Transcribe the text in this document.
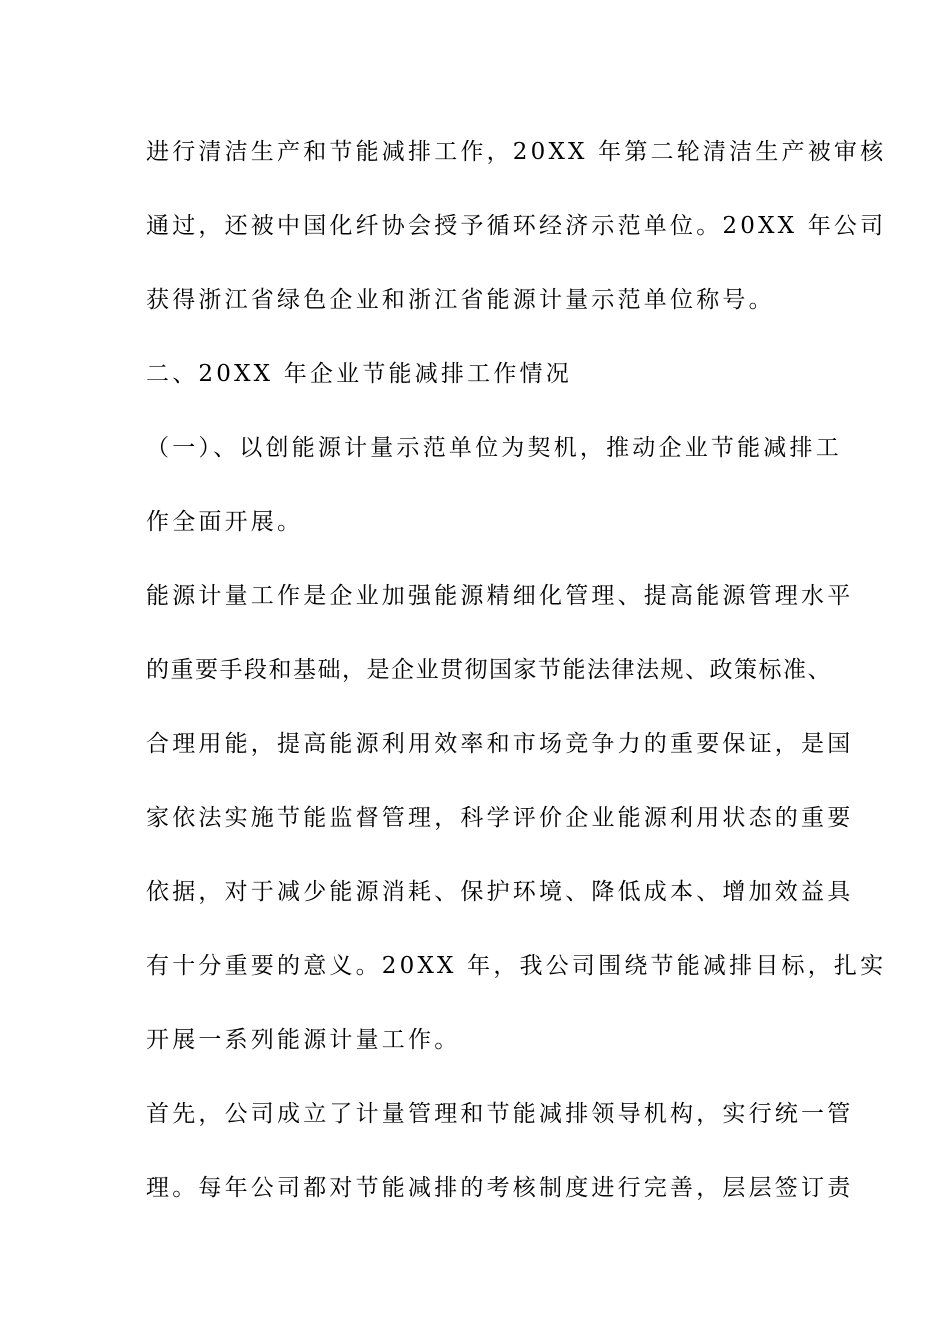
进行清洁生产和节能减排工作，20XX 年第二轮清洁生产被审核
通过，还被中国化纤协会授予循环经济示范单位。20XX 年公司
获得浙江省绿色企业和浙江省能源计量示范单位称号。
二、20XX 年企业节能减排工作情况
（一）、以创能源计量示范单位为契机，推动企业节能减排工
作全面开展。
能源计量工作是企业加强能源精细化管理、提高能源管理水平
的重要手段和基础，是企业贯彻国家节能法律法规、政策标准、
合理用能，提高能源利用效率和市场竞争力的重要保证，是国
家依法实施节能监督管理，科学评价企业能源利用状态的重要
依据，对于减少能源消耗、保护环境、降低成本、增加效益具
有十分重要的意义。20XX 年，我公司围绕节能减排目标，扎实
开展一系列能源计量工作。
首先，公司成立了计量管理和节能减排领导机构，实行统一管
理。每年公司都对节能减排的考核制度进行完善，层层签订责
